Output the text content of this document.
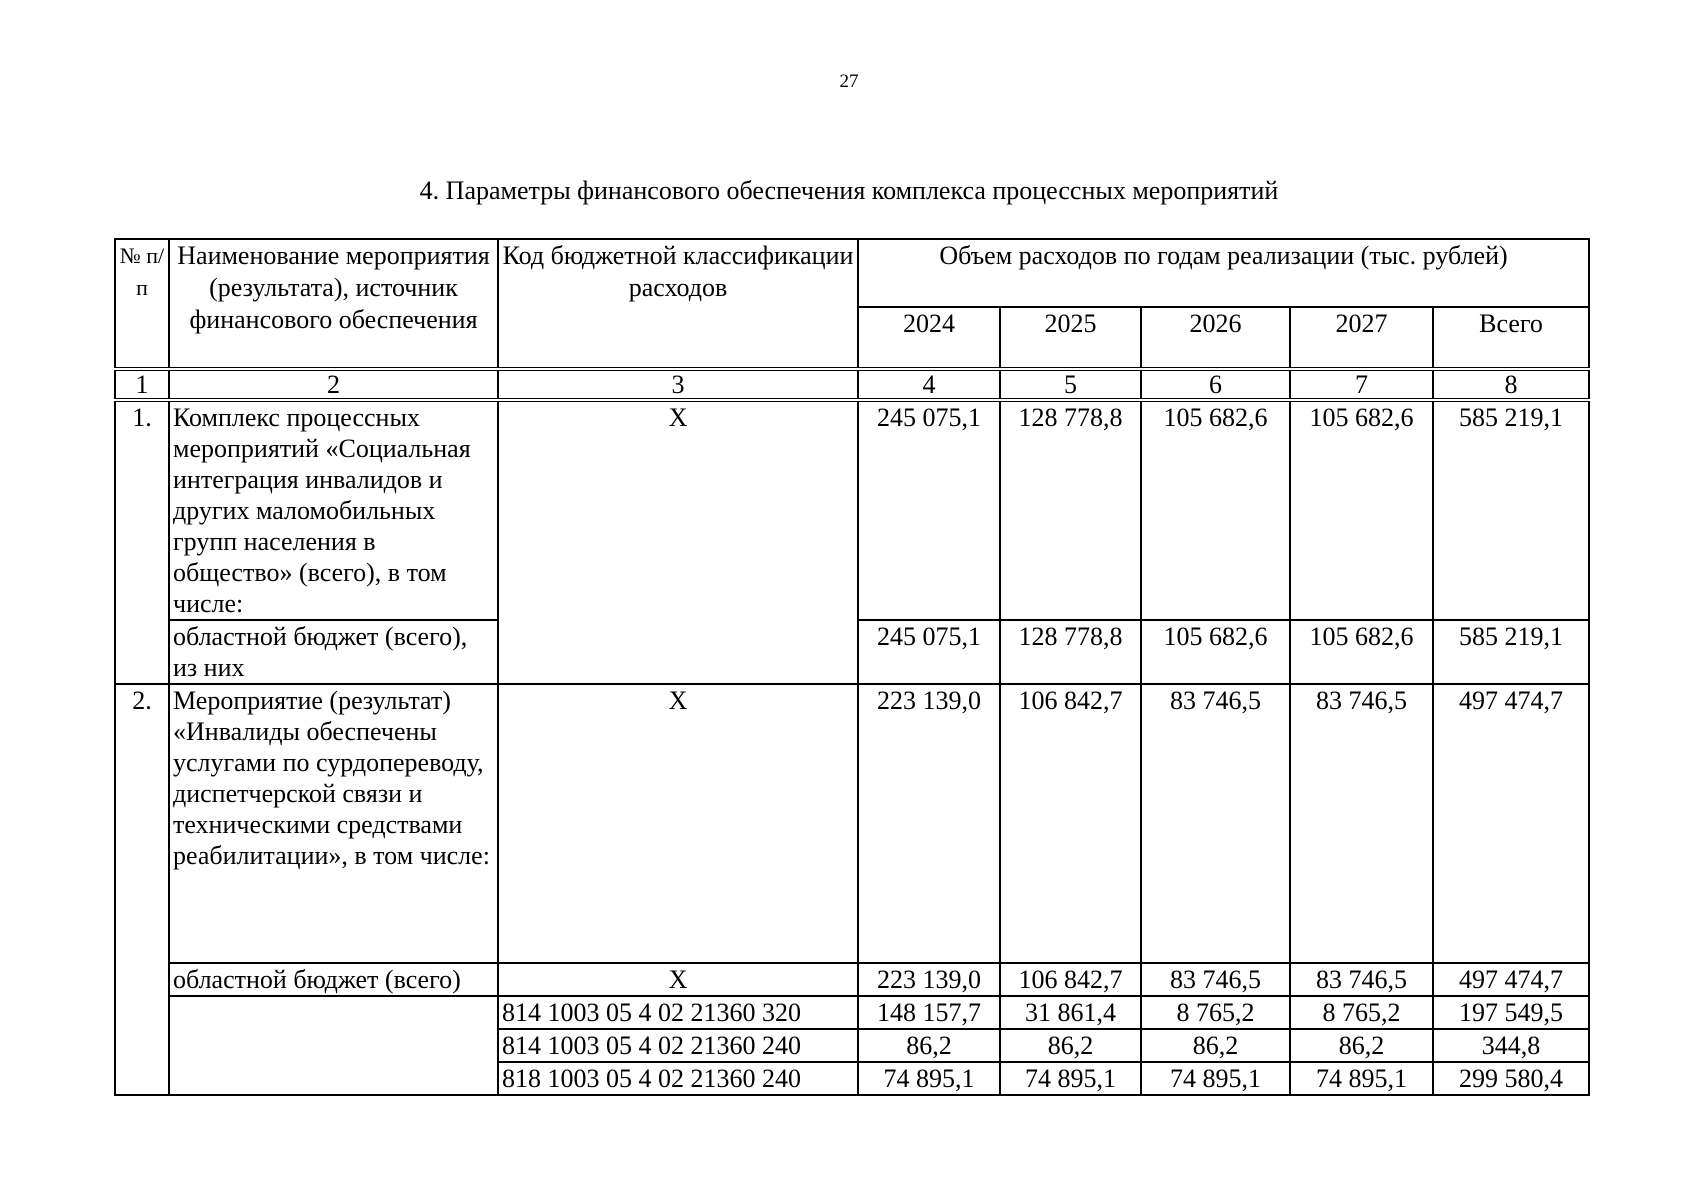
27
4. Параметры финансового обеспечения комплекса процессных мероприятий
№ п/п	Наименование мероприятия (результата), источник финансового обеспечения	Код бюджетной классификации расходов	Объем расходов по годам реализации (тыс. рублей)				
			2024	2025	2026	2027	Всего
1	2	3	4	5	6	7	8
1.	Комплекс процессных мероприятий «Социальная интеграция инвалидов и других маломобильных групп населения в общество» (всего), в том числе:	Х	245 075,1	128 778,8	105 682,6	105 682,6	585 219,1
	областной бюджет (всего), из них		245 075,1	128 778,8	105 682,6	105 682,6	585 219,1
2.	Мероприятие (результат) «Инвалиды обеспечены услугами по сурдопереводу, диспетчерской связи и техническими средствами реабилитации», в том числе:	Х	223 139,0	106 842,7	83 746,5	83 746,5	497 474,7
	областной бюджет (всего)	Х	223 139,0	106 842,7	83 746,5	83 746,5	497 474,7
		814 1003 05 4 02 21360 320	148 157,7	31 861,4	8 765,2	8 765,2	197 549,5
		814 1003 05 4 02 21360 240	86,2	86,2	86,2	86,2	344,8
		818 1003 05 4 02 21360 240	74 895,1	74 895,1	74 895,1	74 895,1	299 580,4
